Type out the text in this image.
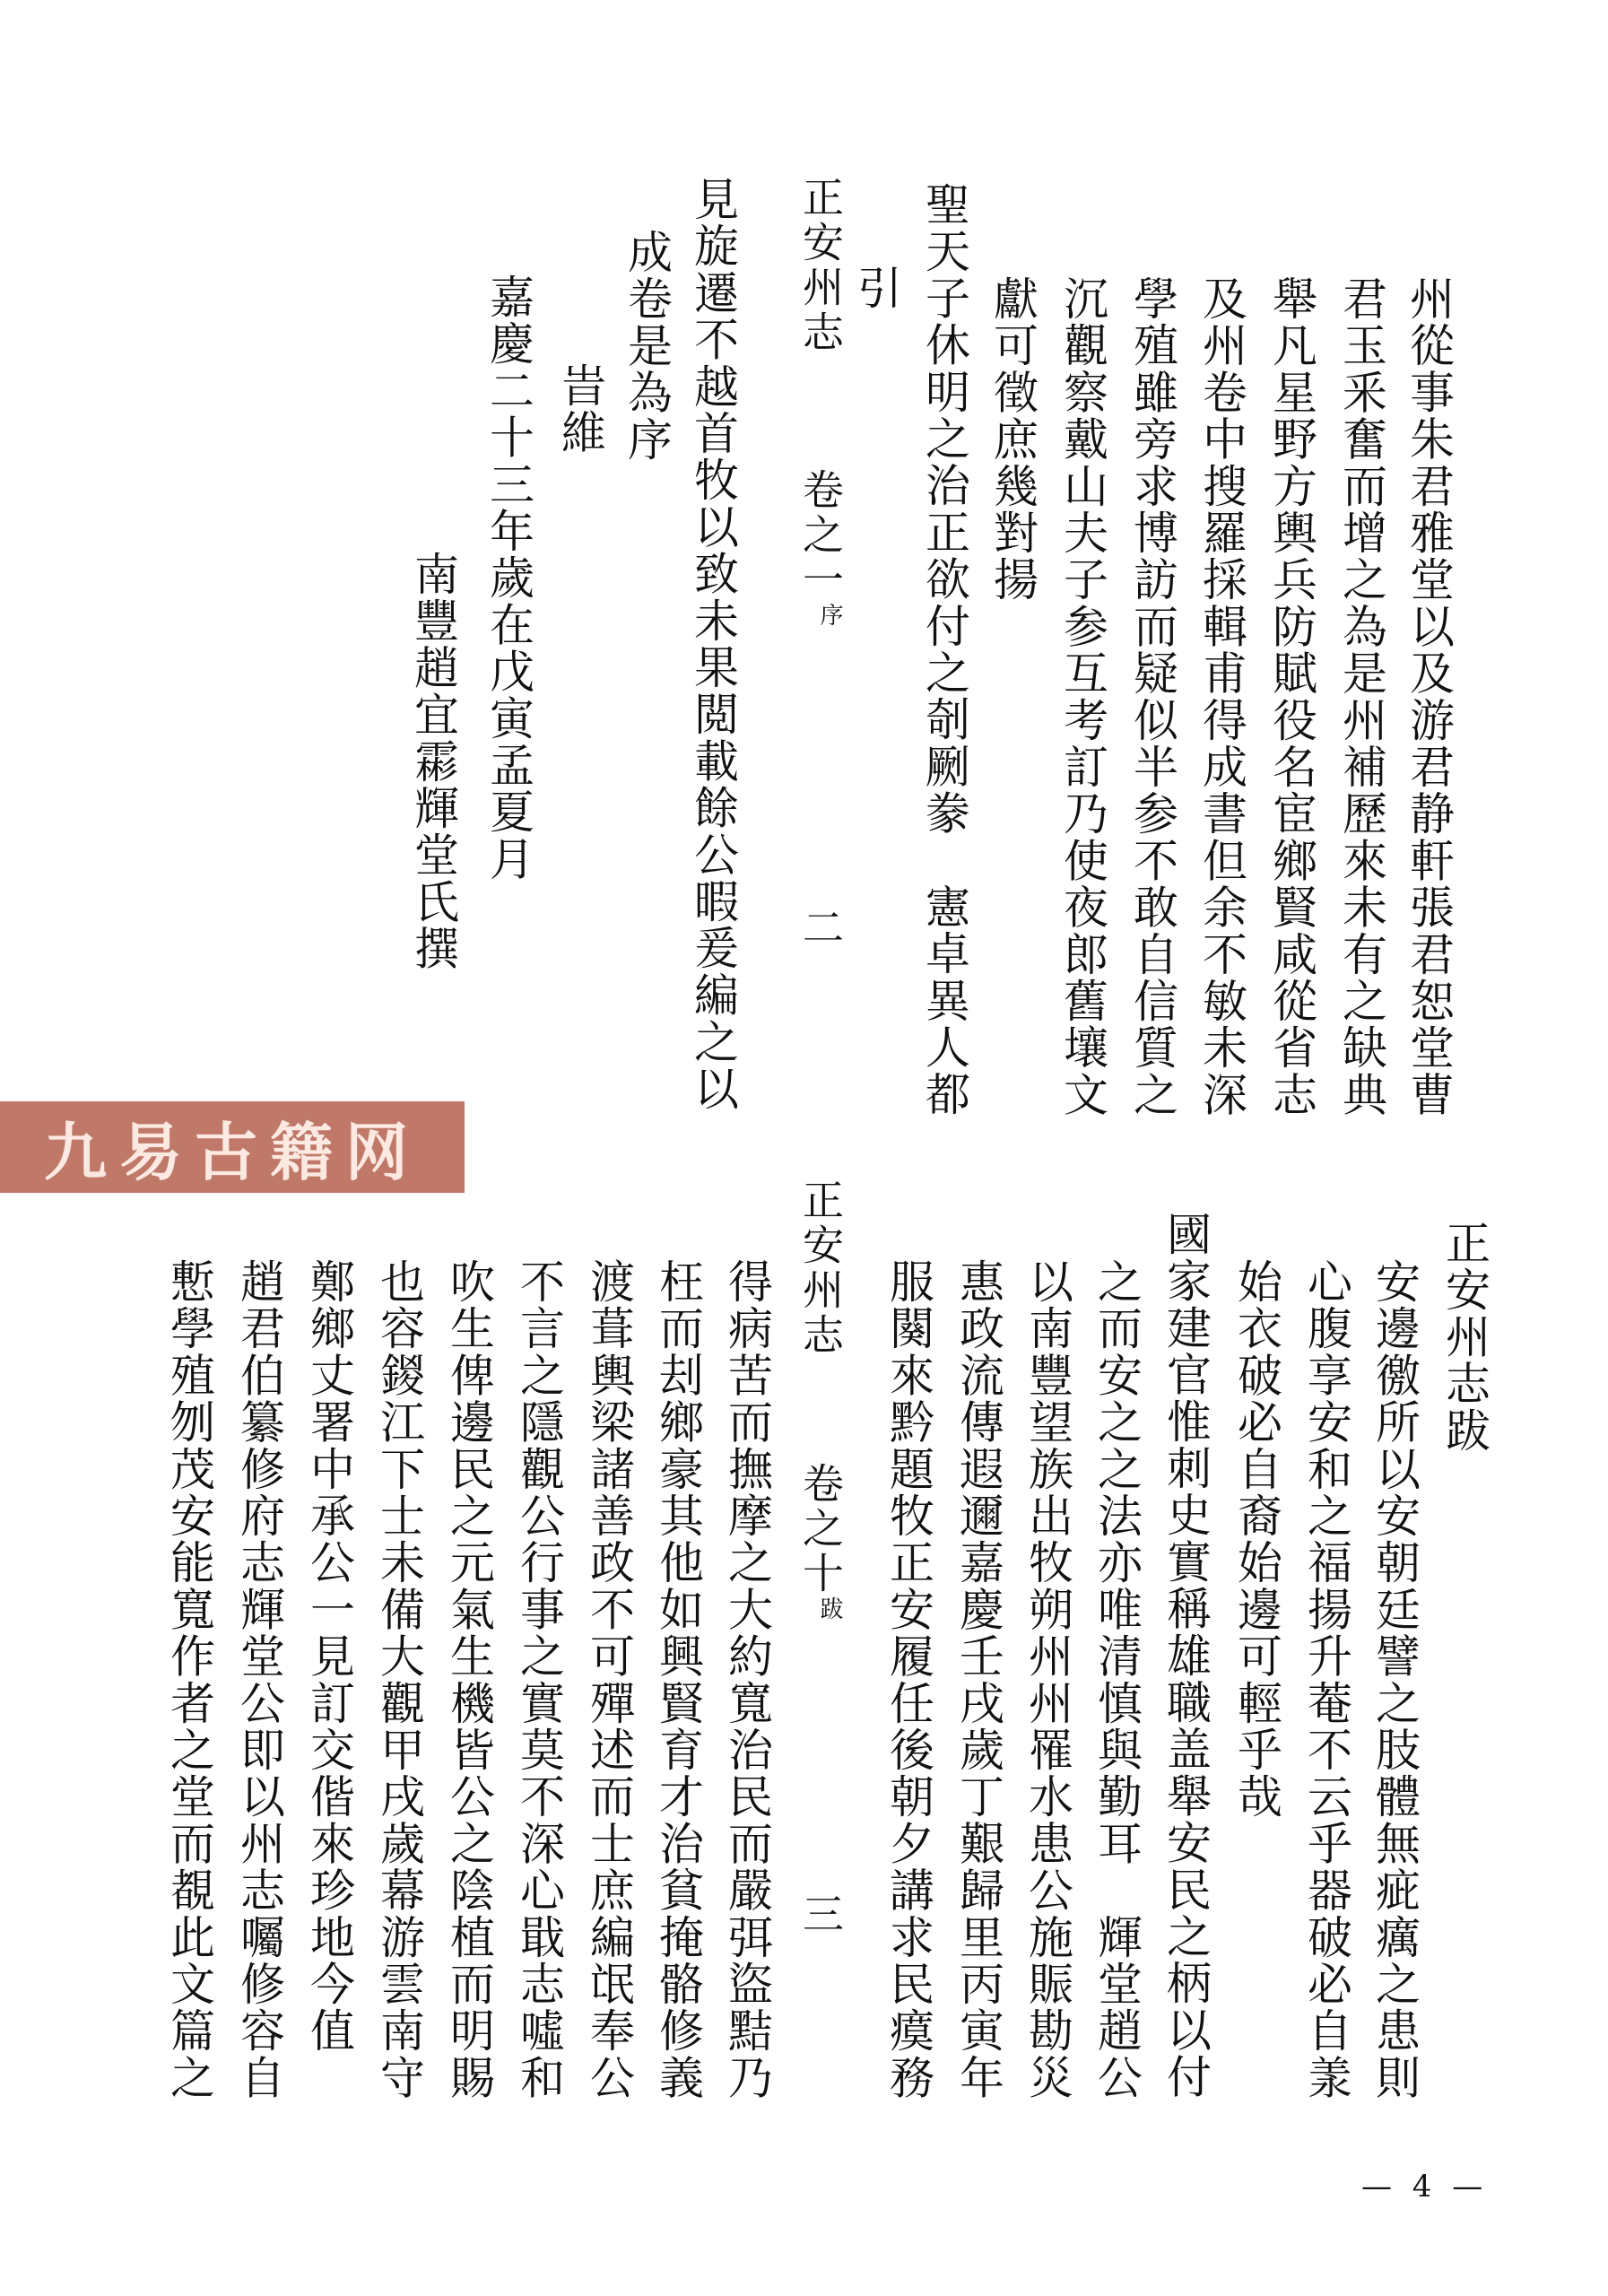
州從事朱君雅堂以及游君静軒張君恕堂曹
君玉釆奮而增之為是州補歷來未有之缺典
舉凡星野方輿兵防賦役名宦鄉賢咸從省志
及州卷中搜羅採輯甫得成書但余不敏未深
學殖雖旁求博訪而疑似半参不敢自信質之
沉觀察戴山夫子参互考訂乃使夜郎舊壤文
獻可徵庶幾對揚
聖天子休明之治正欲付之剞劂豢　憲卓異人都
引
正安州志
卷之一
序
二
見旋遷不越首牧以致未果閲載餘公暇爰編之以
成卷是為序
旹維
嘉慶二十三年歲在戊寅孟夏月
南豐趙宜霦輝堂氏撰
九易古籍网
正安州志跋
安邊徼所以安朝廷譬之肢體無疵癘之患則
心腹享安和之福揚升菴不云乎器破必自羕
始衣破必自裔始邊可輕乎哉
國家建官惟刺史實稱雄職盖舉安民之柄以付
之而安之之法亦唯清慎與勤耳　輝堂趙公
以南豐望族出牧朔州州罹水患公施賑勘災
惠政流傳遐邇嘉慶壬戌歲丁艱歸里丙寅年
服闋來黔題牧正安履任後朝夕講求民瘼務
正安州志
卷之十
跋
三
得病苦而撫摩之大約寬治民而嚴弭盜黠乃
枉而刦鄉豪其他如興賢育才治貧掩骼修義
渡葺輿梁諸善政不可殫述而士庶編氓奉公
不言之隱觀公行事之實莫不深心戢志噓和
吹生俾邊民之元氣生機皆公之陰植而明賜
也容鍐江下士未備大觀甲戌歲幕游雲南守
鄭鄉丈署中承公一見訂交偕來珍地今值
趙君伯纂修府志輝堂公即以州志囑修容自
慙學殖刎茂安能寬作者之堂而覩此文篇之
— 4 —
